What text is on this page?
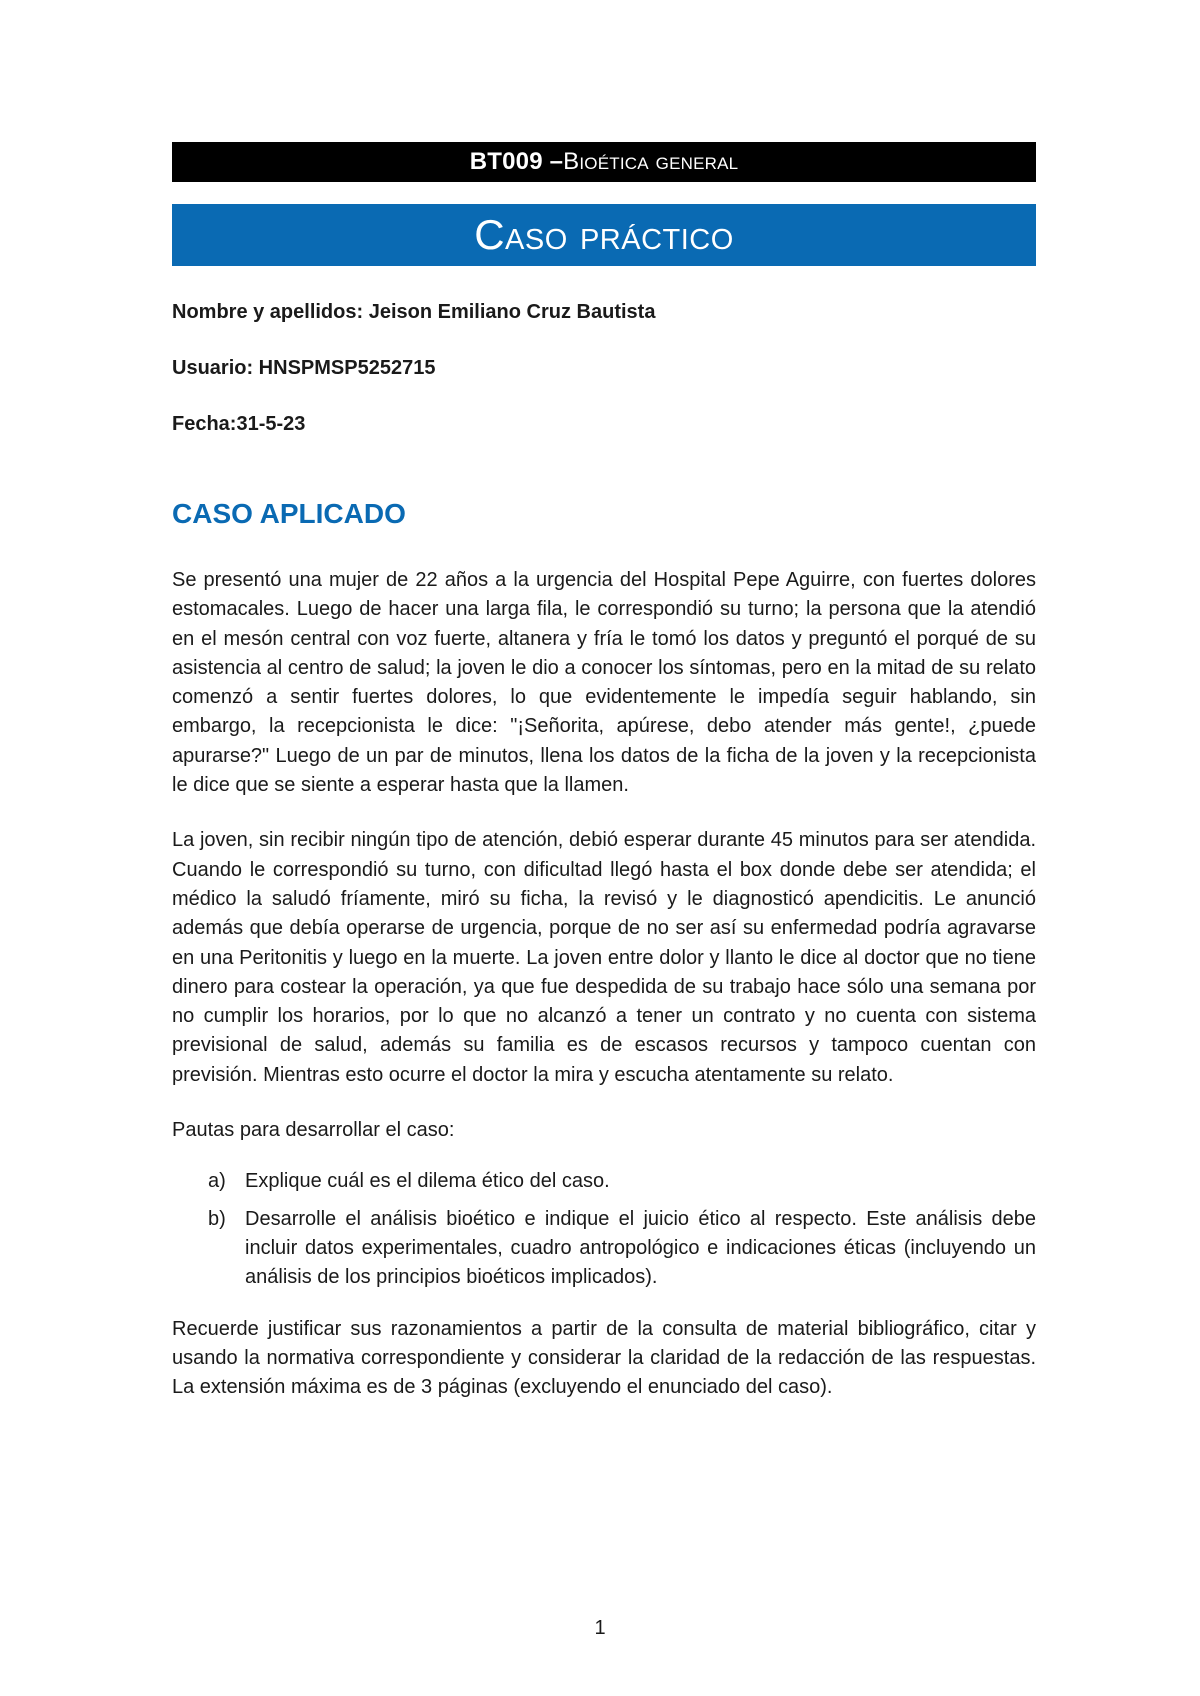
BT009 – Bioética general
Caso práctico

Nombre y apellidos: Jeison Emiliano Cruz Bautista

Usuario: HNSPMSP5252715

Fecha:31-5-23

CASO APLICADO

Se presentó una mujer de 22 años a la urgencia del Hospital Pepe Aguirre, con fuertes dolores estomacales. Luego de hacer una larga fila, le correspondió su turno; la persona que la atendió en el mesón central con voz fuerte, altanera y fría le tomó los datos y preguntó el porqué de su asistencia al centro de salud; la joven le dio a conocer los síntomas, pero en la mitad de su relato comenzó a sentir fuertes dolores, lo que evidentemente le impedía seguir hablando, sin embargo, la recepcionista le dice: "¡Señorita, apúrese, debo atender más gente!, ¿puede apurarse?" Luego de un par de minutos, llena los datos de la ficha de la joven y la recepcionista le dice que se siente a esperar hasta que la llamen.

La joven, sin recibir ningún tipo de atención, debió esperar durante 45 minutos para ser atendida. Cuando le correspondió su turno, con dificultad llegó hasta el box donde debe ser atendida; el médico la saludó fríamente, miró su ficha, la revisó y le diagnosticó apendicitis. Le anunció además que debía operarse de urgencia, porque de no ser así su enfermedad podría agravarse en una Peritonitis y luego en la muerte. La joven entre dolor y llanto le dice al doctor que no tiene dinero para costear la operación, ya que fue despedida de su trabajo hace sólo una semana por no cumplir los horarios, por lo que no alcanzó a tener un contrato y no cuenta con sistema previsional de salud, además su familia es de escasos recursos y tampoco cuentan con previsión. Mientras esto ocurre el doctor la mira y escucha atentamente su relato.

Pautas para desarrollar el caso:

a) Explique cuál es el dilema ético del caso.
b) Desarrolle el análisis bioético e indique el juicio ético al respecto. Este análisis debe incluir datos experimentales, cuadro antropológico e indicaciones éticas (incluyendo un análisis de los principios bioéticos implicados).

Recuerde justificar sus razonamientos a partir de la consulta de material bibliográfico, citar y usando la normativa correspondiente y considerar la claridad de la redacción de las respuestas. La extensión máxima es de 3 páginas (excluyendo el enunciado del caso).

1
